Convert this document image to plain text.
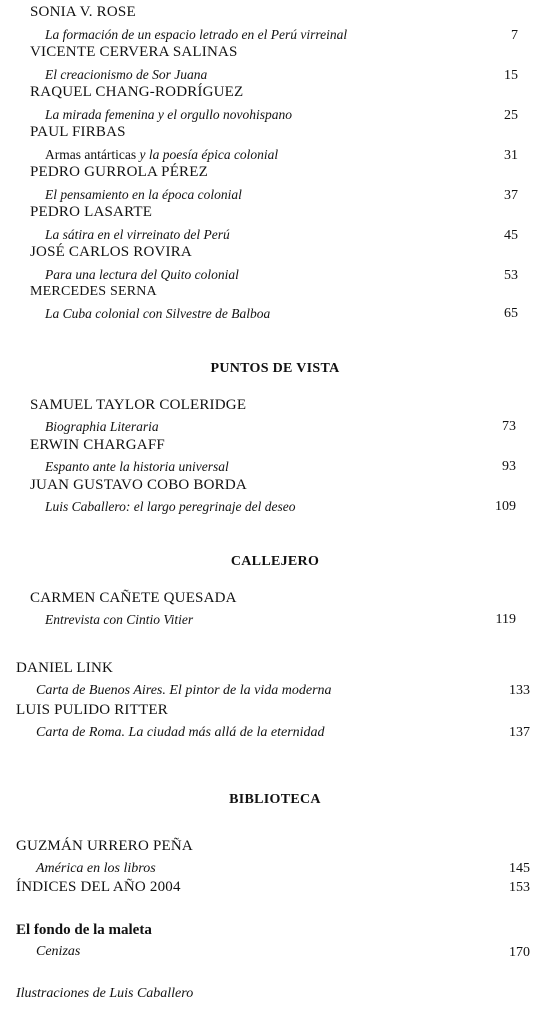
SONIA V. ROSE
La formación de un espacio letrado en el Perú virreinal	7
VICENTE CERVERA SALINAS
El creacionismo de Sor Juana	15
RAQUEL CHANG-RODRÍGUEZ
La mirada femenina y el orgullo novohispano	25
PAUL FIRBAS
Armas antárticas y la poesía épica colonial	31
PEDRO GURROLA PÉREZ
El pensamiento en la época colonial	37
PEDRO LASARTE
La sátira en el virreinato del Perú	45
JOSÉ CARLOS ROVIRA
Para una lectura del Quito colonial	53
MERCEDES SERNA
La Cuba colonial con Silvestre de Balboa	65
PUNTOS DE VISTA
SAMUEL TAYLOR COLERIDGE
Biographia Literaria	73
ERWIN CHARGAFF
Espanto ante la historia universal	93
JUAN GUSTAVO COBO BORDA
Luis Caballero: el largo peregrinaje del deseo	109
CALLEJERO
CARMEN CAÑETE QUESADA
Entrevista con Cintio Vitier	119
DANIEL LINK
Carta de Buenos Aires. El pintor de la vida moderna	133
LUIS PULIDO RITTER
Carta de Roma. La ciudad más allá de la eternidad	137
BIBLIOTECA
GUZMÁN URRERO PEÑA
América en los libros	145
ÍNDICES DEL AÑO 2004	153
El fondo de la maleta
Cenizas	170
Ilustraciones de Luis Caballero
